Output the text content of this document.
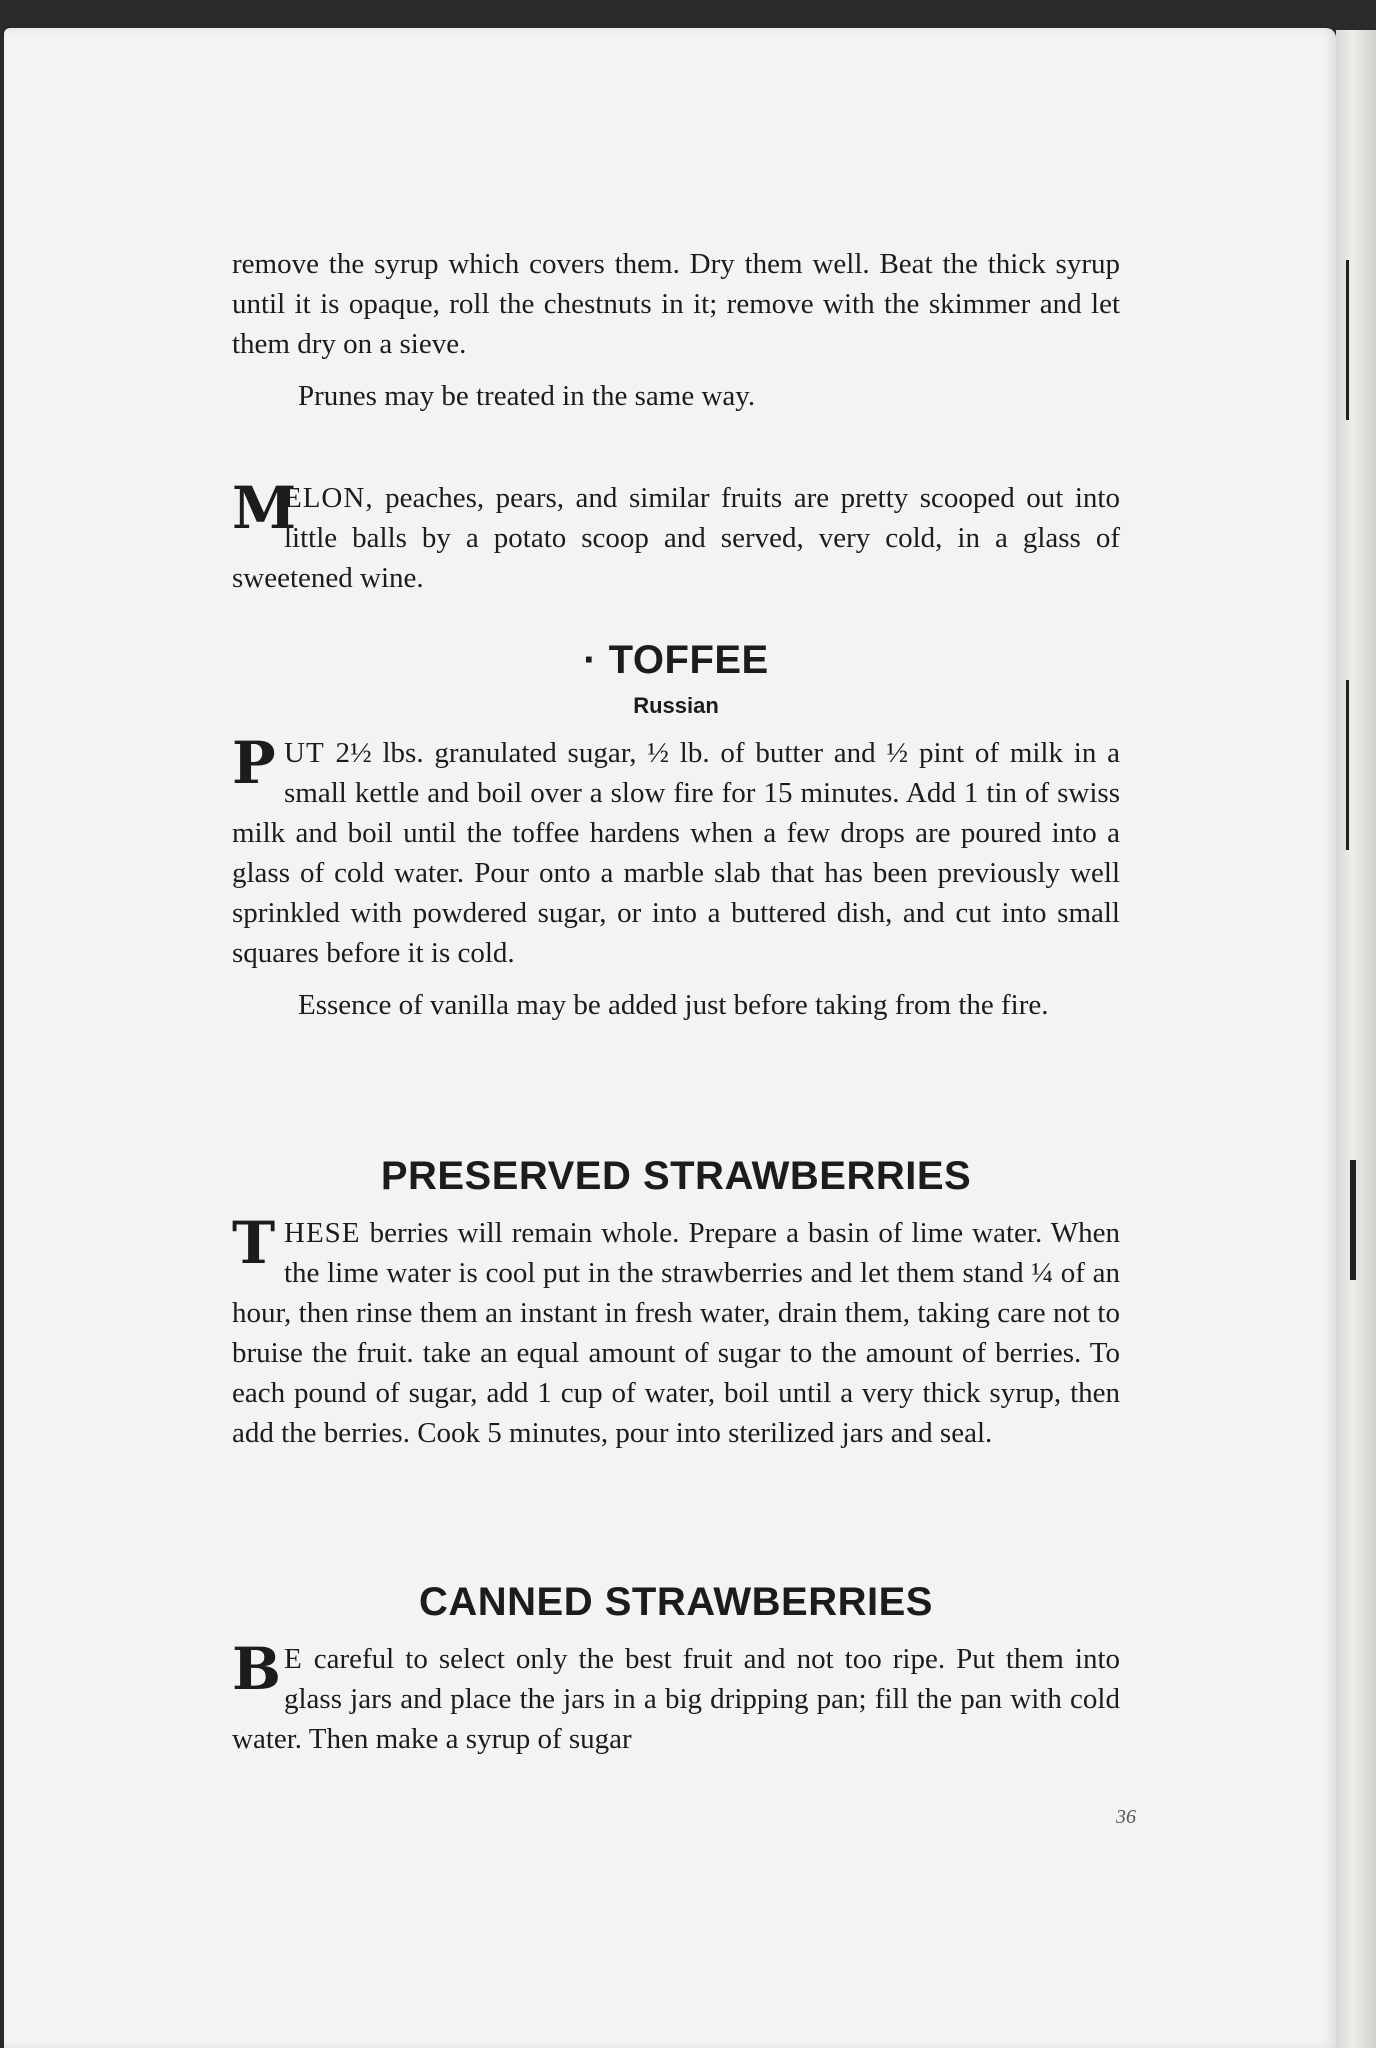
remove the syrup which covers them. Dry them well. Beat the thick syrup until it is opaque, roll the chestnuts in it; remove with the skimmer and let them dry on a sieve.

Prunes may be treated in the same way.

M
ELON, peaches, pears, and similar fruits are pretty scooped out into little balls by a potato scoop and served, very cold, in a glass of sweetened wine.

· TOFFEE
Russian

PUT 2½ lbs. granulated sugar, ½ lb. of butter and ½ pint of milk in a small kettle and boil over a slow fire for 15 minutes. Add 1 tin of swiss milk and boil until the toffee hardens when a few drops are poured into a glass of cold water. Pour onto a marble slab that has been previously well sprinkled with powdered sugar, or into a buttered dish, and cut into small squares before it is cold.

Essence of vanilla may be added just before taking from the fire.

PRESERVED STRAWBERRIES

THESE berries will remain whole. Prepare a basin of lime water. When the lime water is cool put in the strawberries and let them stand ¼ of an hour, then rinse them an instant in fresh water, drain them, taking care not to bruise the fruit. take an equal amount of sugar to the amount of berries. To each pound of sugar, add 1 cup of water, boil until a very thick syrup, then add the berries. Cook 5 minutes, pour into sterilized jars and seal.

CANNED STRAWBERRIES

B E careful to select only the best fruit and not too ripe. Put them into glass jars and place the jars in a big dripping pan; fill the pan with cold water. Then make a syrup of sugar

36
